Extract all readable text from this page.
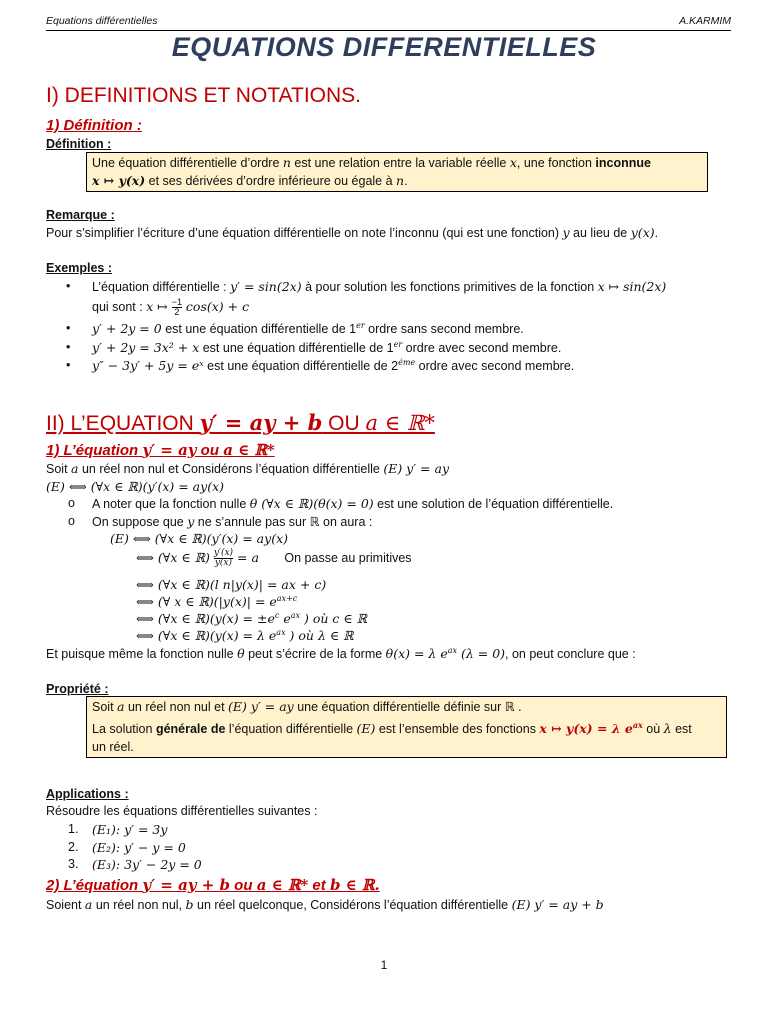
Equations différentielles	A.KARMIM
EQUATIONS DIFFERENTIELLES
I) DEFINITIONS ET NOTATIONS.
1) Définition :
Définition :
Une équation différentielle d’ordre n est une relation entre la variable réelle x, une fonction inconnue
x ↦ y(x) et ses dérivées d’ordre inférieure ou égale à n.
Remarque :
Pour s’simplifier l’écriture d’une équation différentielle on note l’inconnu (qui est une fonction) y au lieu de y(x).
Exemples :
• L’équation différentielle : y′ = sin(2x) à pour solution les fonctions primitives de la fonction x ↦ sin(2x)
qui sont : x ↦ $\frac{-1}{2} \cos(x) + c$
• y′ + 2y = 0 est une équation différentielle de 1er ordre sans second membre.
• y′ + 2y = 3x² + x est une équation différentielle de 1er ordre avec second membre.
• y″ − 3y′ + 5y = eˣ est une équation différentielle de $2^{éme}$ ordre avec second membre.
II) L’EQUATION y′ = ay + b OU a ∈ ℝ*
1) L’équation y′ = ay ou a ∈ ℝ*
Soit a un réel non nul et Considérons l’équation différentielle (E) y′ = ay
(E) ⟺ (∀x ∈ ℝ)(y′(x) = ay(x)
o A noter que la fonction nulle θ (∀x ∈ ℝ)(θ(x) = 0) est une solution de l’équation différentielle.
o On suppose que y ne s’annule pas sur ℝ on aura :
(E) ⟺ (∀x ∈ ℝ)(y′(x) = ay(x)
⟺ (∀x ∈ ℝ) $\frac{y'(x)}{y(x)} = a$ On passe au primitives
⟺ (∀x ∈ ℝ)(l n|y(x)| = ax + c)
⟺ (∀ x ∈ ℝ)(|y(x)| = $e^{ax+c}$
⟺ (∀x ∈ ℝ)(y(x) = $\pm e^c$ $e^{ax}$ ) où c ∈ ℝ
⟺ (∀x ∈ ℝ)(y(x) = λ $e^{ax}$ ) où λ ∈ ℝ
Et puisque même la fonction nulle θ peut s’écrire de la forme θ(x) = λ $e^{ax}$ (λ = 0), on peut conclure que :
Propriété :
Soit a un réel non nul et (E) y′ = ay une équation différentielle définie sur ℝ .
La solution générale de l’équation différentielle (E) est l’ensemble des fonctions x ↦ y(x) = λ $e^{ax}$ où λ est
un réel.
Applications :
Résoudre les équations différentielles suivantes :
1. (E₁): y′ = 3y
2. (E₂): y′ − y = 0
3. (E₃): 3y′ − 2y = 0
2) L’équation y′ = ay + b ou a ∈ ℝ* et b ∈ ℝ.
Soient a un réel non nul, b un réel quelconque, Considérons l’équation différentielle (E) y′ = ay + b
1
